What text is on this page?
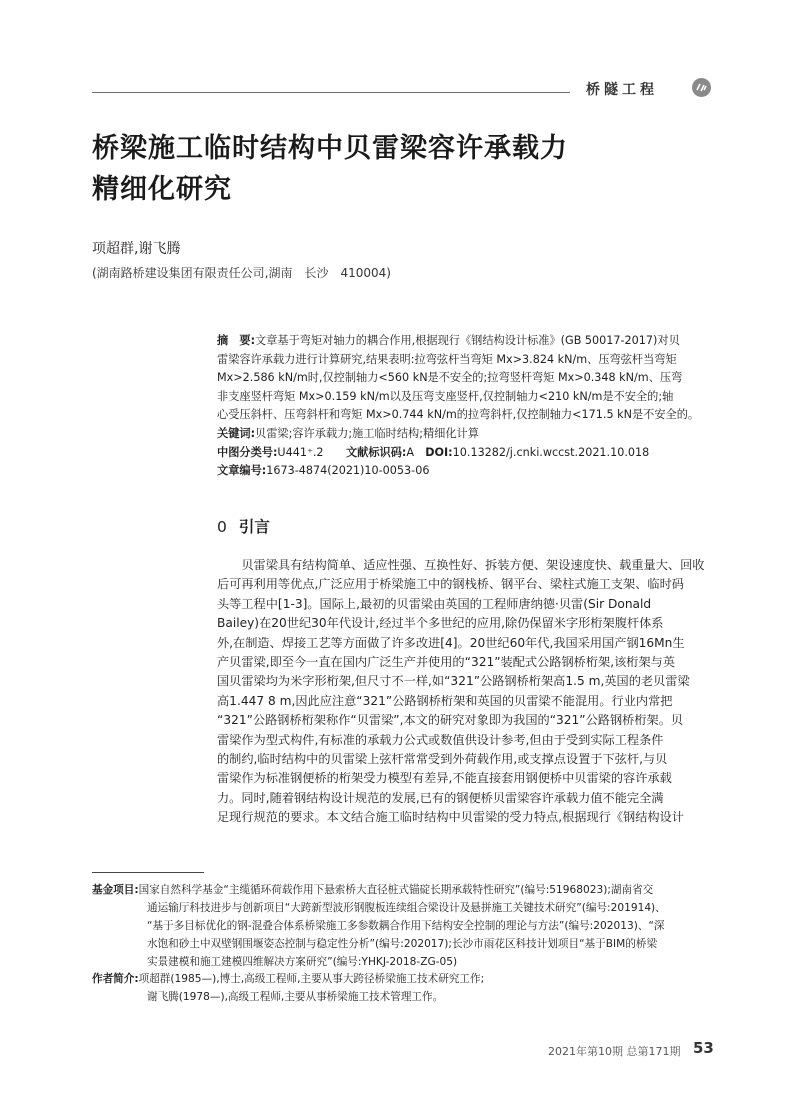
桥隧工程
桥梁施工临时结构中贝雷梁容许承载力
精细化研究
项超群,谢飞腾
(湖南路桥建设集团有限责任公司,湖南　长沙　410004)
摘　要:文章基于弯矩对轴力的耦合作用,根据现行《钢结构设计标准》(GB 50017-2017)对贝
雷梁容许承载力进行计算研究,结果表明:拉弯弦杆当弯矩 Mx>3.824 kN/m、压弯弦杆当弯矩
Mx>2.586 kN/m时,仅控制轴力<560 kN是不安全的;拉弯竖杆弯矩 Mx>0.348 kN/m、压弯
非支座竖杆弯矩 Mx>0.159 kN/m以及压弯支座竖杆,仅控制轴力<210 kN/m是不安全的;轴
心受压斜杆、压弯斜杆和弯矩 Mx>0.744 kN/m的拉弯斜杆,仅控制轴力<171.5 kN是不安全的。
关键词:贝雷梁;容许承载力;施工临时结构;精细化计算
中图分类号:U441⁺.2　　 文献标识码:A　 DOI:10.13282/j.cnki.wccst.2021.10.018
文章编号:1673-4874(2021)10-0053-06
0 引言
　　贝雷梁具有结构简单、适应性强、互换性好、拆装方便、架设速度快、载重量大、回收
后可再利用等优点,广泛应用于桥梁施工中的钢栈桥、钢平台、梁柱式施工支架、临时码
头等工程中[1-3]。国际上,最初的贝雷梁由英国的工程师唐纳德·贝雷(Sir Donald
Bailey)在20世纪30年代设计,经过半个多世纪的应用,除仍保留米字形桁架腹杆体系
外,在制造、焊接工艺等方面做了许多改进[4]。20世纪60年代,我国采用国产钢16Mn生
产贝雷梁,即至今一直在国内广泛生产并使用的“321”装配式公路钢桥桁架,该桁架与英
国贝雷梁均为米字形桁架,但尺寸不一样,如“321”公路钢桥桁架高1.5 m,英国的老贝雷梁
高1.447 8 m,因此应注意“321”公路钢桥桁架和英国的贝雷梁不能混用。行业内常把
“321”公路钢桥桁架称作“贝雷梁”,本文的研究对象即为我国的“321”公路钢桥桁架。贝
雷梁作为型式构件,有标准的承载力公式或数值供设计参考,但由于受到实际工程条件
的制约,临时结构中的贝雷梁上弦杆常常受到外荷载作用,或支撑点设置于下弦杆,与贝
雷梁作为标准钢便桥的桁架受力模型有差异,不能直接套用钢便桥中贝雷梁的容许承载
力。同时,随着钢结构设计规范的发展,已有的钢便桥贝雷梁容许承载力值不能完全满
足现行规范的要求。本文结合施工临时结构中贝雷梁的受力特点,根据现行《钢结构设计
基金项目:国家自然科学基金“主缆循环荷载作用下悬索桥大直径桩式锚碇长期承载特性研究”(编号:51968023);湖南省交
通运输厅科技进步与创新项目“大跨新型波形钢腹板连续组合梁设计及悬拼施工关键技术研究”(编号:201914)、
“基于多目标优化的钢-混叠合体系桥梁施工多参数耦合作用下结构安全控制的理论与方法”(编号:202013)、“深
水饱和砂土中双壁钢围堰姿态控制与稳定性分析”(编号:202017);长沙市雨花区科技计划项目“基于BIM的桥梁
实景建模和施工建模四维解决方案研究”(编号:YHKJ-2018-ZG-05)
作者简介:项超群(1985—),博士,高级工程师,主要从事大跨径桥梁施工技术研究工作;
谢飞腾(1978—),高级工程师,主要从事桥梁施工技术管理工作。
2021年第10期 总第171期 53
